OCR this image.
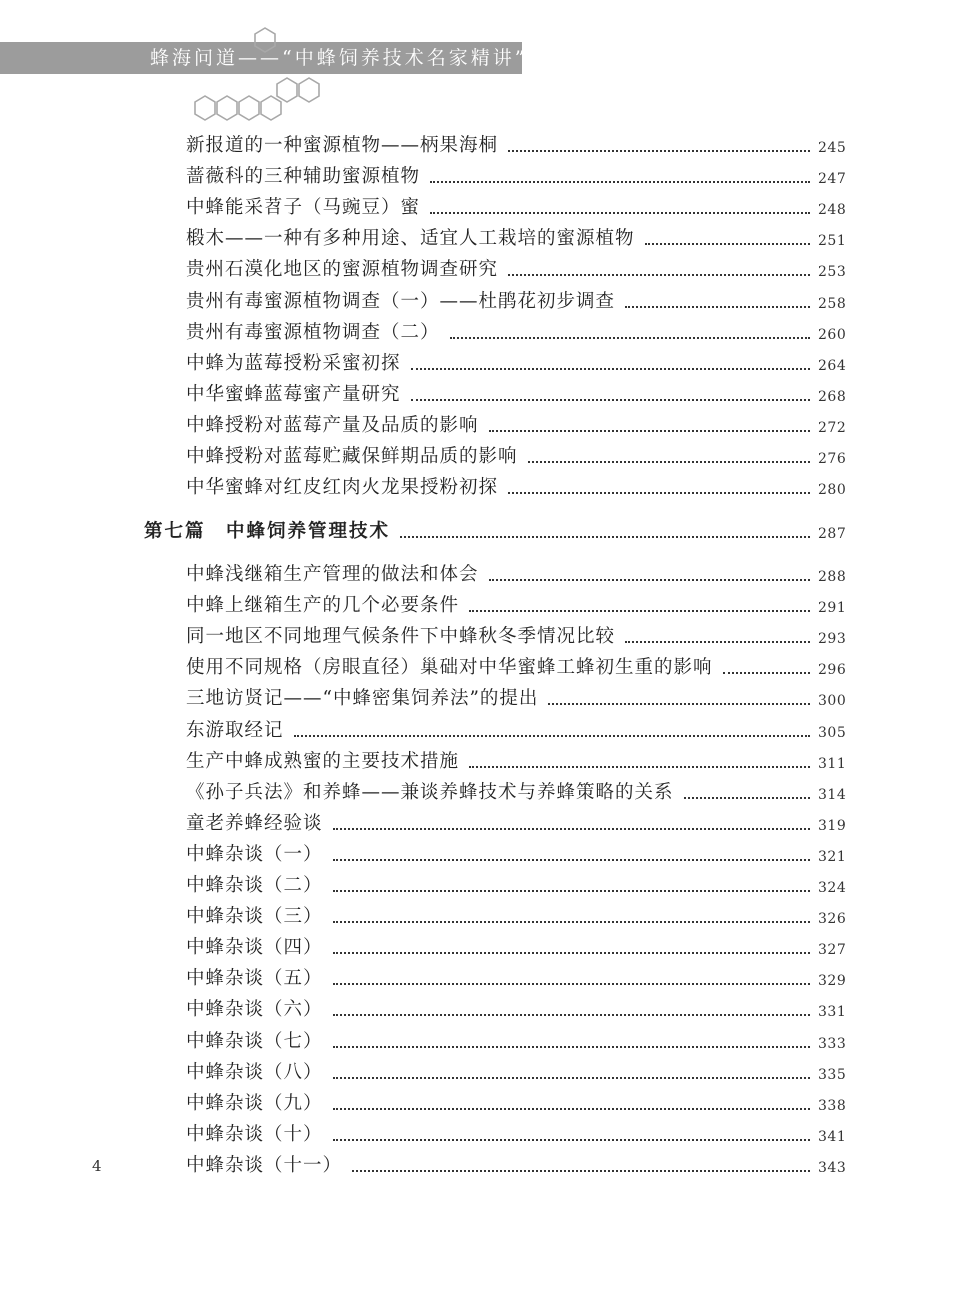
蜂海问道——“中蜂饲养技术名家精讲”
新报道的一种蜜源植物——柄果海桐	245
蔷薇科的三种辅助蜜源植物	247
中蜂能采苕子（马豌豆）蜜	248
椴木——一种有多种用途、适宜人工栽培的蜜源植物	251
贵州石漠化地区的蜜源植物调查研究	253
贵州有毒蜜源植物调查（一）——杜鹃花初步调查	258
贵州有毒蜜源植物调查（二）	260
中蜂为蓝莓授粉采蜜初探	264
中华蜜蜂蓝莓蜜产量研究	268
中蜂授粉对蓝莓产量及品质的影响	272
中蜂授粉对蓝莓贮藏保鲜期品质的影响	276
中华蜜蜂对红皮红肉火龙果授粉初探	280
第七篇　中蜂饲养管理技术	287
中蜂浅继箱生产管理的做法和体会	288
中蜂上继箱生产的几个必要条件	291
同一地区不同地理气候条件下中蜂秋冬季情况比较	293
使用不同规格（房眼直径）巢础对中华蜜蜂工蜂初生重的影响	296
三地访贤记——“中蜂密集饲养法”的提出	300
东游取经记	305
生产中蜂成熟蜜的主要技术措施	311
《孙子兵法》和养蜂——兼谈养蜂技术与养蜂策略的关系	314
童老养蜂经验谈	319
中蜂杂谈（一）	321
中蜂杂谈（二）	324
中蜂杂谈（三）	326
中蜂杂谈（四）	327
中蜂杂谈（五）	329
中蜂杂谈（六）	331
中蜂杂谈（七）	333
中蜂杂谈（八）	335
中蜂杂谈（九）	338
中蜂杂谈（十）	341
中蜂杂谈（十一）	343
4
